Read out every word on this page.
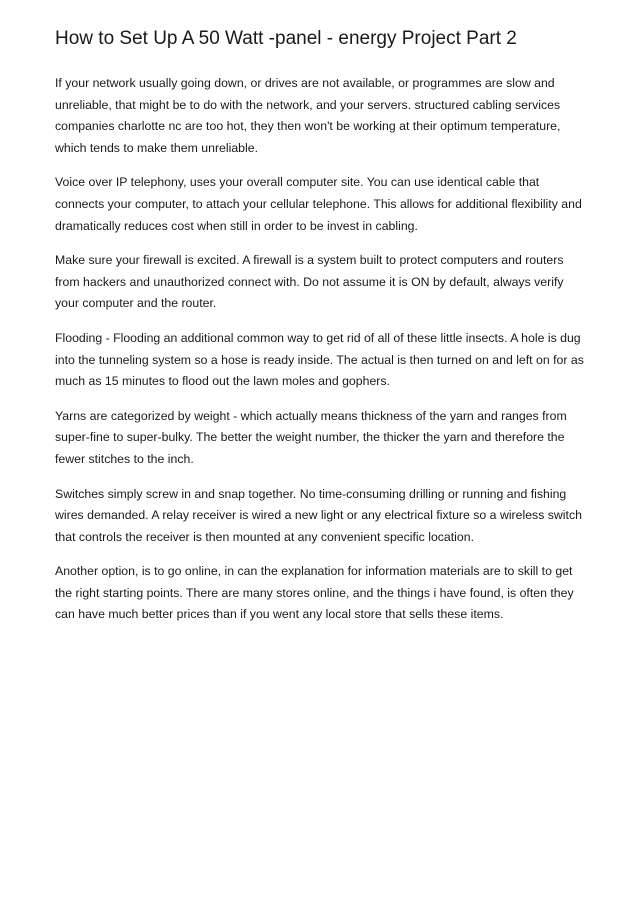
How to Set Up A 50 Watt -panel - energy Project Part 2

If your network usually going down, or drives are not available, or programmes are slow and unreliable, that might be to do with the network, and your servers. structured cabling services companies charlotte nc are too hot, they then won't be working at their optimum temperature, which tends to make them unreliable.

Voice over IP telephony, uses your overall computer site. You can use identical cable that connects your computer, to attach your cellular telephone. This allows for additional flexibility and dramatically reduces cost when still in order to be invest in cabling.

Make sure your firewall is excited. A firewall is a system built to protect computers and routers from hackers and unauthorized connect with. Do not assume it is ON by default, always verify your computer and the router.

Flooding - Flooding an additional common way to get rid of all of these little insects. A hole is dug into the tunneling system so a hose is ready inside. The actual is then turned on and left on for as much as 15 minutes to flood out the lawn moles and gophers.

Yarns are categorized by weight - which actually means thickness of the yarn and ranges from super-fine to super-bulky. The better the weight number, the thicker the yarn and therefore the fewer stitches to the inch.

Switches simply screw in and snap together. No time-consuming drilling or running and fishing wires demanded. A relay receiver is wired a new light or any electrical fixture so a wireless switch that controls the receiver is then mounted at any convenient specific location.

Another option, is to go online, in can the explanation for information materials are to skill to get the right starting points. There are many stores online, and the things i have found, is often they can have much better prices than if you went any local store that sells these items.
